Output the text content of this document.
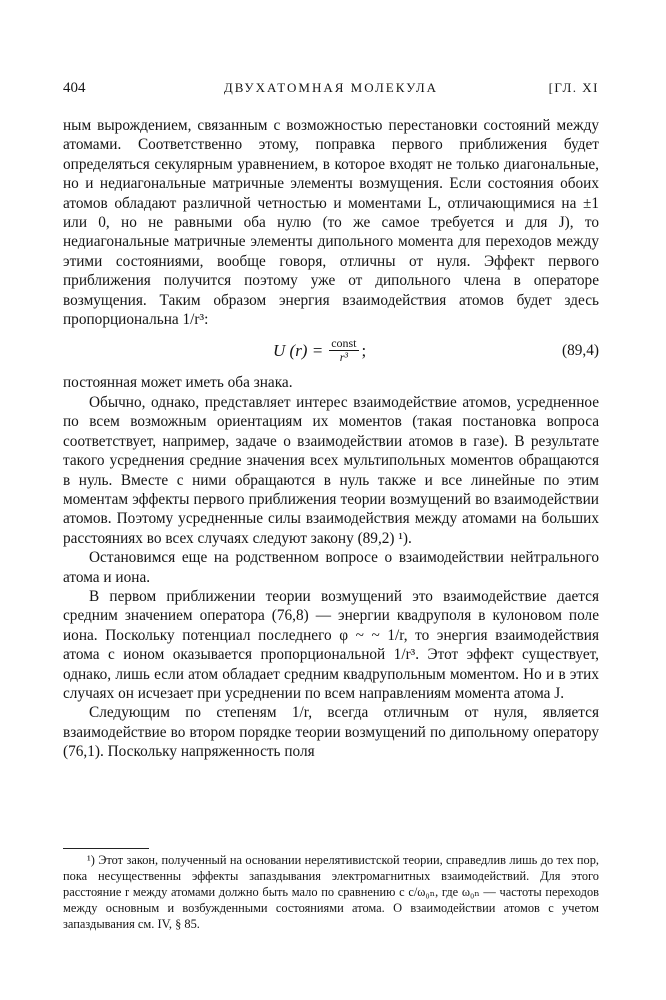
404	ДВУХАТОМНАЯ МОЛЕКУЛА	[ГЛ. XI

ным вырождением, связанным с возможностью перестановки состояний между атомами. Соответственно этому, поправка первого приближения будет определяться секулярным уравнением, в которое входят не только диагональные, но и недиагональные матричные элементы возмущения. Если состояния обоих атомов обладают различной четностью и моментами L, отличающимися на ±1 или 0, но не равными оба нулю (то же самое требуется и для J), то недиагональные матричные элементы дипольного момента для переходов между этими состояниями, вообще говоря, отличны от нуля. Эффект первого приближения получится поэтому уже от дипольного члена в операторе возмущения. Таким образом энергия взаимодействия атомов будет здесь пропорциональна 1/r³:

U $(r) = \frac{\text{const}}{\text{r³}}$ ;	(89,4)

постоянная может иметь оба знака.

Обычно, однако, представляет интерес взаимодействие атомов, усредненное по всем возможным ориентациям их моментов (такая постановка вопроса соответствует, например, задаче о взаимодействии атомов в газе). В результате такого усреднения средние значения всех мультипольных моментов обращаются в нуль. Вместе с ними обращаются в нуль также и все линейные по этим моментам эффекты первого приближения теории возмущений во взаимодействии атомов. Поэтому усредненные силы взаимодействия между атомами на больших расстояниях во всех случаях следуют закону (89,2) ¹).

Остановимся еще на родственном вопросе о взаимодействии нейтрального атома и иона.

В первом приближении теории возмущений это взаимодействие дается средним значением оператора (76,8) — энергии квадруполя в кулоновом поле иона. Поскольку потенциал последнего φ ~ ~ 1/r, то энергия взаимодействия атома с ионом оказывается пропорциональной 1/r³. Этот эффект существует, однако, лишь если атом обладает средним квадрупольным моментом. Но и в этих случаях он исчезает при усреднении по всем направлениям момента атома J.

Следующим по степеням 1/r, всегда отличным от нуля, является взаимодействие во втором порядке теории возмущений по дипольному оператору (76,1). Поскольку напряженность поля

¹) Этот закон, полученный на основании нерелятивистской теории, справедлив лишь до тех пор, пока несущественны эффекты запаздывания электромагнитных взаимодействий. Для этого расстояние r между атомами должно быть мало по сравнению с c/ω₀ₙ, где ω₀ₙ — частоты переходов между основным и возбужденными состояниями атома. О взаимодействии атомов с учетом запаздывания см. IV, § 85.
